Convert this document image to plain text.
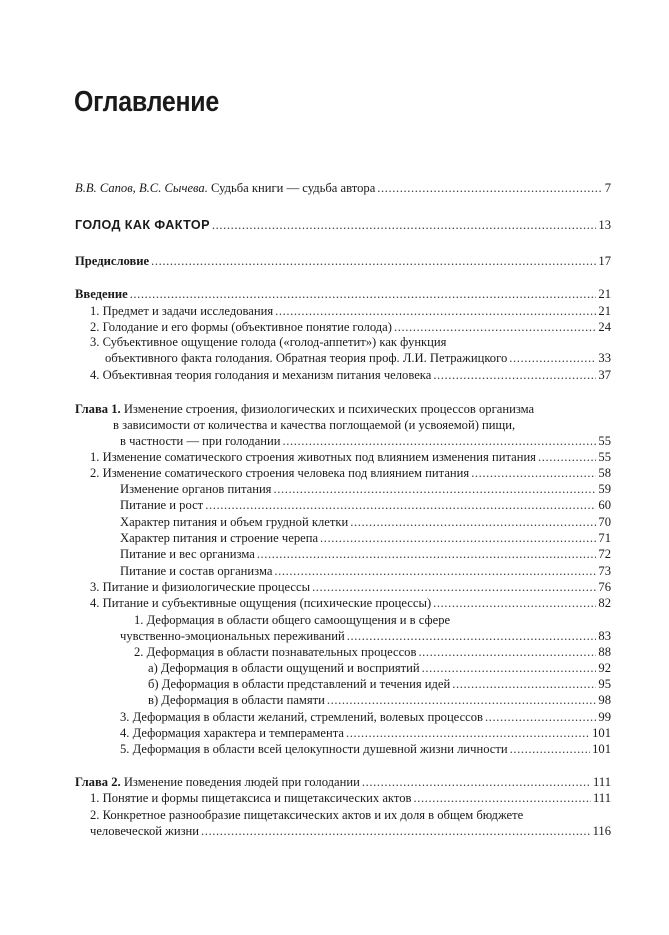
Оглавление
В.В. Сапов, В.С. Сычева. Судьба книги — судьба автора .....	7
ГОЛОД КАК ФАКТОР .....	13
Предисловие .....	17
Введение .....	21
1. Предмет и задачи исследования .....	21
2. Голодание и его формы (объективное понятие голода) .....	24
3. Субъективное ощущение голода («голод-аппетит») как функция
объективного факта голодания. Обратная теория проф. Л.И. Петражицкого .....	33
4. Объективная теория голодания и механизм питания человека .....	37
Глава 1. Изменение строения, физиологических и психических процессов организма
в зависимости от количества и качества поглощаемой (и усвояемой) пищи,
в частности — при голодании .....	55
1. Изменение соматического строения животных под влиянием изменения питания .....	55
2. Изменение соматического строения человека под влиянием питания .....	58
Изменение органов питания .....	59
Питание и рост .....	60
Характер питания и объем грудной клетки .....	70
Характер питания и строение черепа .....	71
Питание и вес организма .....	72
Питание и состав организма .....	73
3. Питание и физиологические процессы .....	76
4. Питание и субъективные ощущения (психические процессы) .....	82
1. Деформация в области общего самоощущения и в сфере
чувственно-эмоциональных переживаний .....	83
2. Деформация в области познавательных процессов .....	88
а) Деформация в области ощущений и восприятий .....	92
б) Деформация в области представлений и течения идей .....	95
в) Деформация в области памяти .....	98
3. Деформация в области желаний, стремлений, волевых процессов .....	99
4. Деформация характера и темперамента .....	101
5. Деформация в области всей целокупности душевной жизни личности .....	101
Глава 2. Изменение поведения людей при голодании .....	111
1. Понятие и формы пищетаксиса и пищетаксических актов .....	111
2. Конкретное разнообразие пищетаксических актов и их доля в общем бюджете
человеческой жизни .....	116
